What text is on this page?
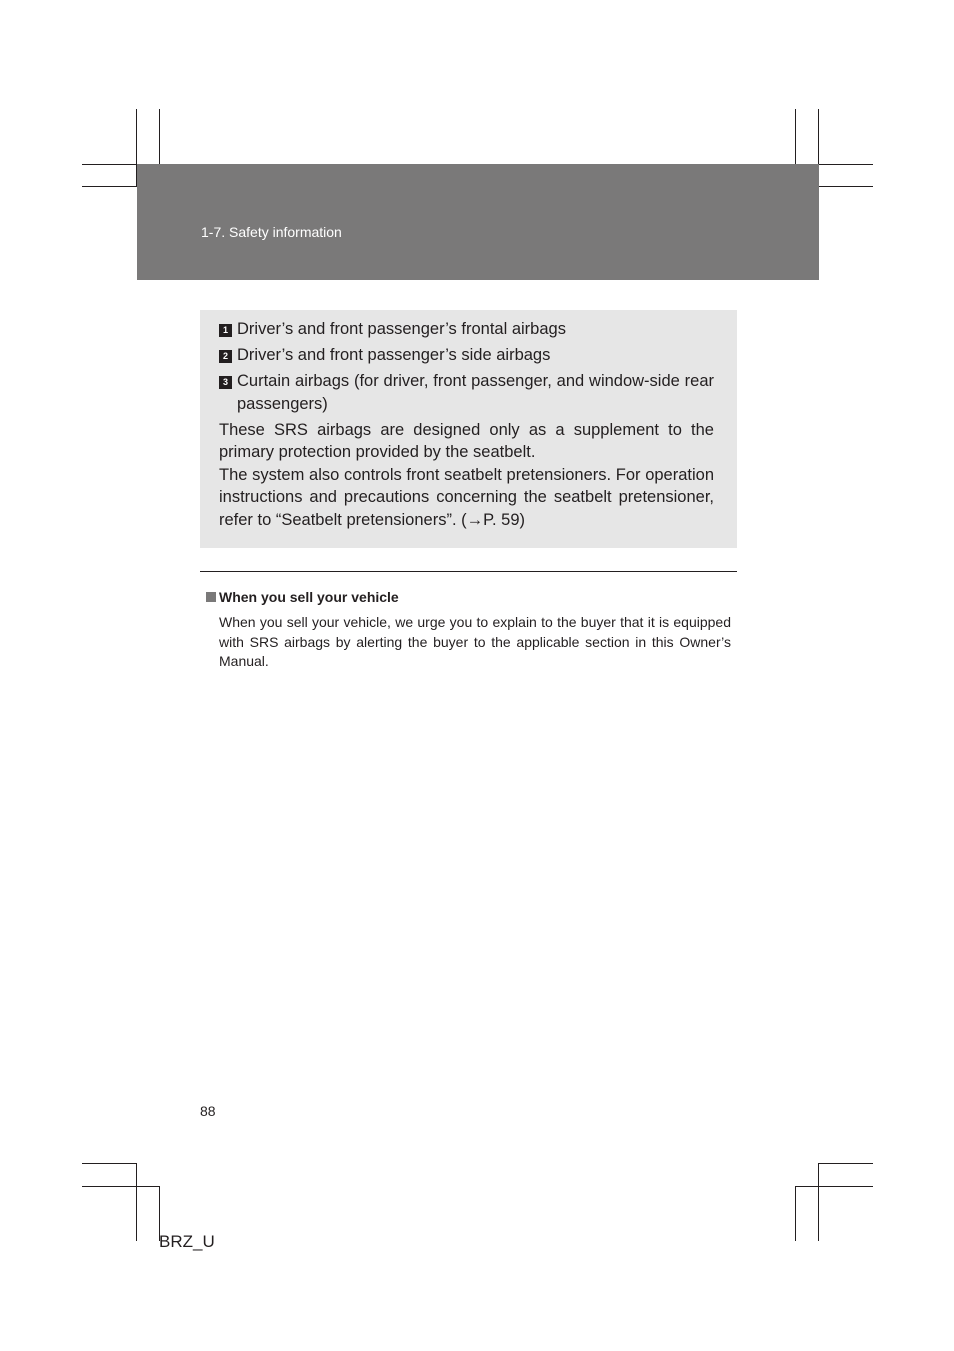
1-7. Safety information
1 Driver’s and front passenger’s frontal airbags
2 Driver’s and front passenger’s side airbags
3 Curtain airbags (for driver, front passenger, and window-side rear passengers)

These SRS airbags are designed only as a supplement to the primary protection provided by the seatbelt.

The system also controls front seatbelt pretensioners. For operation instructions and precautions concerning the seatbelt pretensioner, refer to “Seatbelt pretensioners”. (→P. 59)

When you sell your vehicle
When you sell your vehicle, we urge you to explain to the buyer that it is equipped with SRS airbags by alerting the buyer to the applicable section in this Owner’s Manual.
88
BRZ_U
